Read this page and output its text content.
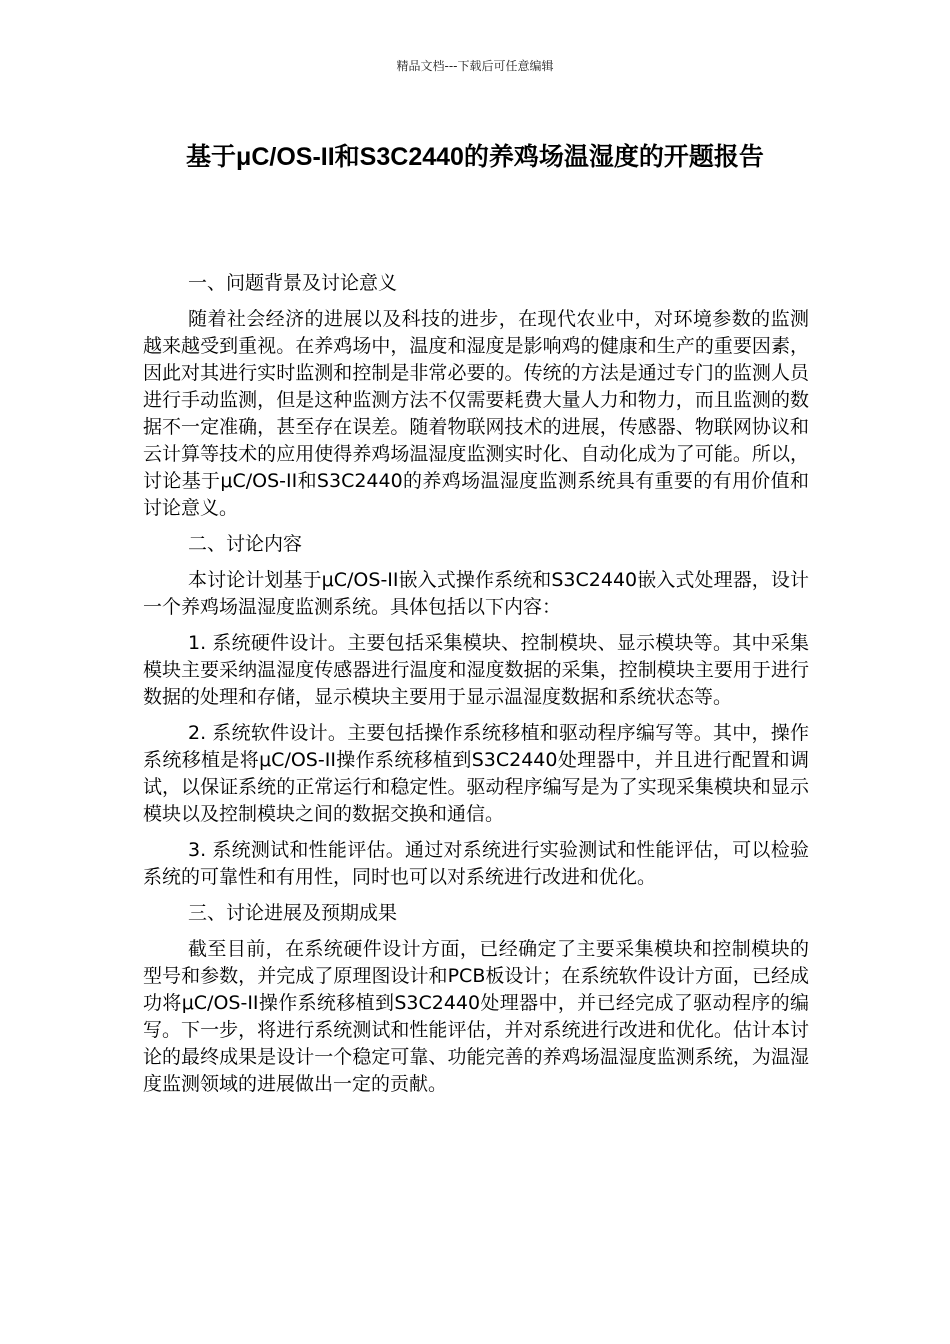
精品文档---下载后可任意编辑
基于μC/OS-II和S3C2440的养鸡场温湿度的开题报告

一、问题背景及讨论意义

随着社会经济的进展以及科技的进步，在现代农业中，对环境参数的监测越来越受到重视。在养鸡场中，温度和湿度是影响鸡的健康和生产的重要因素，因此对其进行实时监测和控制是非常必要的。传统的方法是通过专门的监测人员进行手动监测，但是这种监测方法不仅需要耗费大量人力和物力，而且监测的数据不一定准确，甚至存在误差。随着物联网技术的进展，传感器、物联网协议和云计算等技术的应用使得养鸡场温湿度监测实时化、自动化成为了可能。所以，讨论基于μC/OS-II和S3C2440的养鸡场温湿度监测系统具有重要的有用价值和讨论意义。

二、讨论内容

本讨论计划基于μC/OS-II嵌入式操作系统和S3C2440嵌入式处理器，设计一个养鸡场温湿度监测系统。具体包括以下内容：

1. 系统硬件设计。主要包括采集模块、控制模块、显示模块等。其中采集模块主要采纳温湿度传感器进行温度和湿度数据的采集，控制模块主要用于进行数据的处理和存储，显示模块主要用于显示温湿度数据和系统状态等。

2. 系统软件设计。主要包括操作系统移植和驱动程序编写等。其中，操作系统移植是将μC/OS-II操作系统移植到S3C2440处理器中，并且进行配置和调试，以保证系统的正常运行和稳定性。驱动程序编写是为了实现采集模块和显示模块以及控制模块之间的数据交换和通信。

3. 系统测试和性能评估。通过对系统进行实验测试和性能评估，可以检验系统的可靠性和有用性，同时也可以对系统进行改进和优化。

三、讨论进展及预期成果

截至目前，在系统硬件设计方面，已经确定了主要采集模块和控制模块的型号和参数，并完成了原理图设计和PCB板设计；在系统软件设计方面，已经成功将μC/OS-II操作系统移植到S3C2440处理器中，并已经完成了驱动程序的编写。下一步，将进行系统测试和性能评估，并对系统进行改进和优化。估计本讨论的最终成果是设计一个稳定可靠、功能完善的养鸡场温湿度监测系统，为温湿度监测领域的进展做出一定的贡献。
